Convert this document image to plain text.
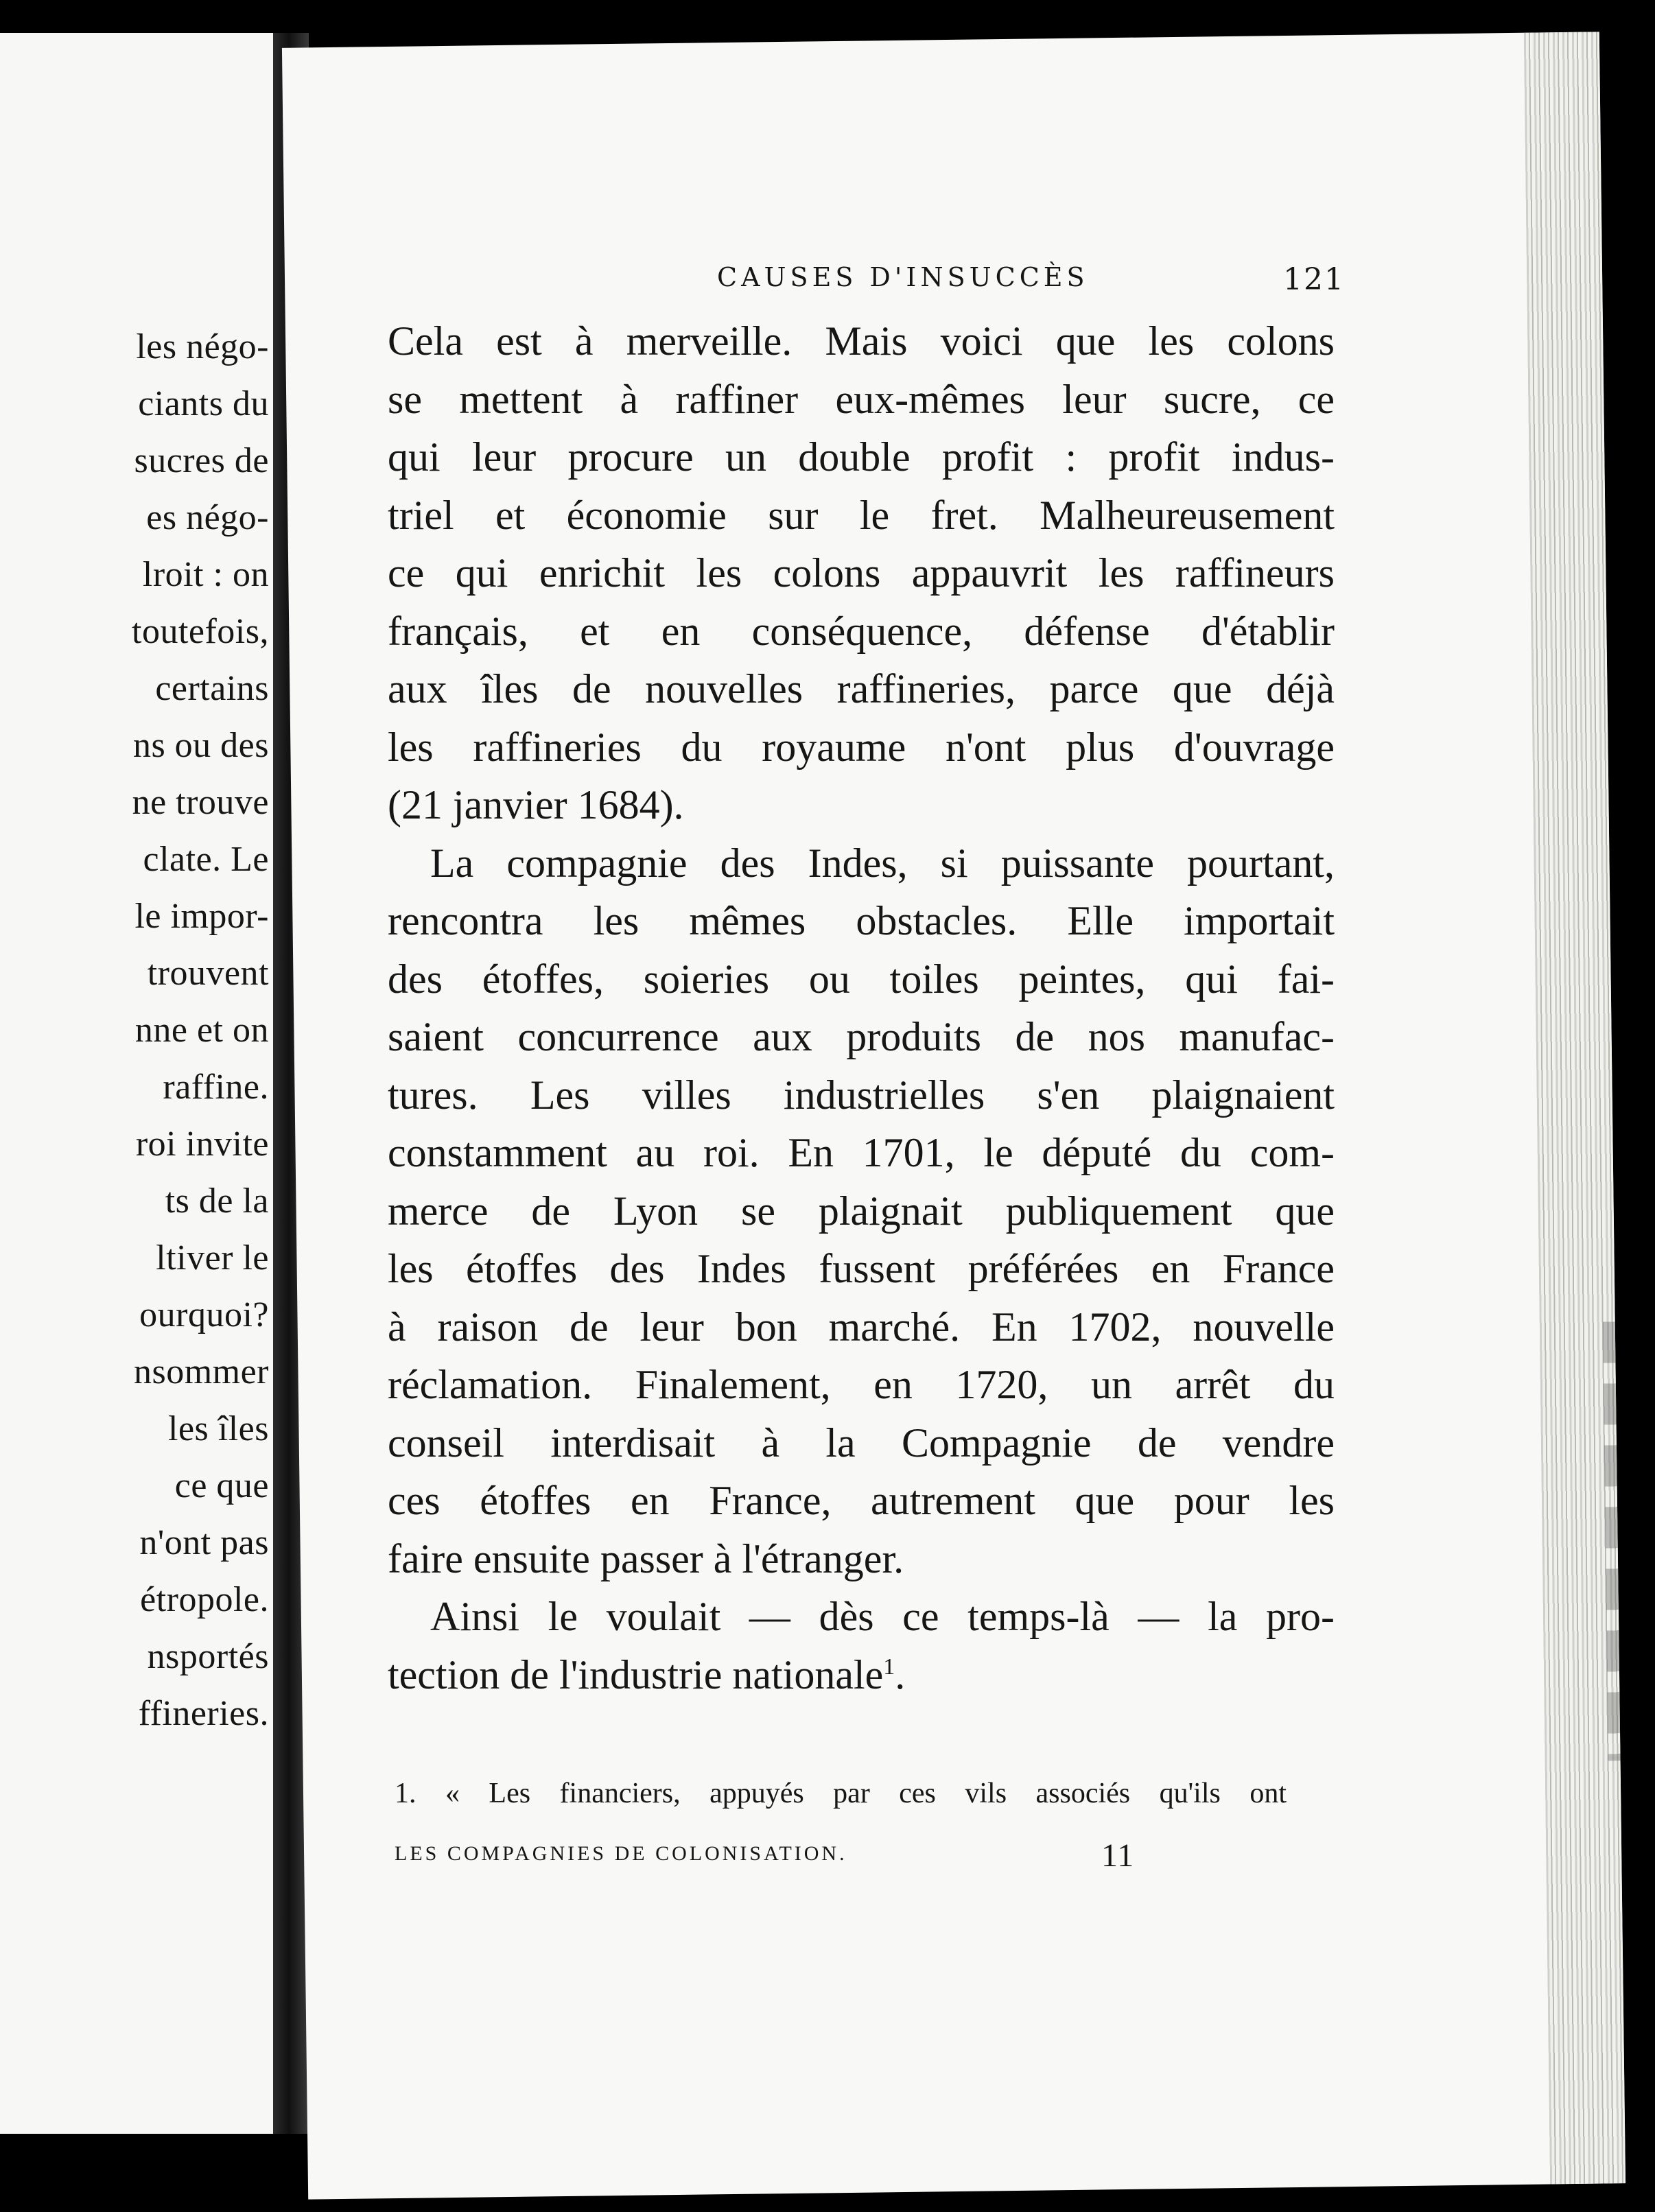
les négo-
ciants du
sucres de
es négo-
lroit : on
toutefois,
certains
ns ou des
ne trouve
clate. Le
le impor-
trouvent
nne et on
raffine.
roi invite
ts de la
ltiver le
ourquoi?
nsommer
les îles
ce que
n'ont pas
étropole.
nsportés
ffineries.
CAUSES D'INSUCCÈS	121
Cela est à merveille. Mais voici que les colons
se mettent à raffiner eux-mêmes leur sucre, ce
qui leur procure un double profit : profit indus-
triel et économie sur le fret. Malheureusement
ce qui enrichit les colons appauvrit les raffineurs
français, et en conséquence, défense d'établir
aux îles de nouvelles raffineries, parce que déjà
les raffineries du royaume n'ont plus d'ouvrage
(21 janvier 1684).
La compagnie des Indes, si puissante pourtant,
rencontra les mêmes obstacles. Elle importait
des étoffes, soieries ou toiles peintes, qui fai-
saient concurrence aux produits de nos manufac-
tures. Les villes industrielles s'en plaignaient
constamment au roi. En 1701, le député du com-
merce de Lyon se plaignait publiquement que
les étoffes des Indes fussent préférées en France
à raison de leur bon marché. En 1702, nouvelle
réclamation. Finalement, en 1720, un arrêt du
conseil interdisait à la Compagnie de vendre
ces étoffes en France, autrement que pour les
faire ensuite passer à l'étranger.
Ainsi le voulait — dès ce temps-là — la pro-
tection de l'industrie nationale$^1$.
1. « Les financiers, appuyés par ces vils associés qu'ils ont
LES COMPAGNIES DE COLONISATION.	11
